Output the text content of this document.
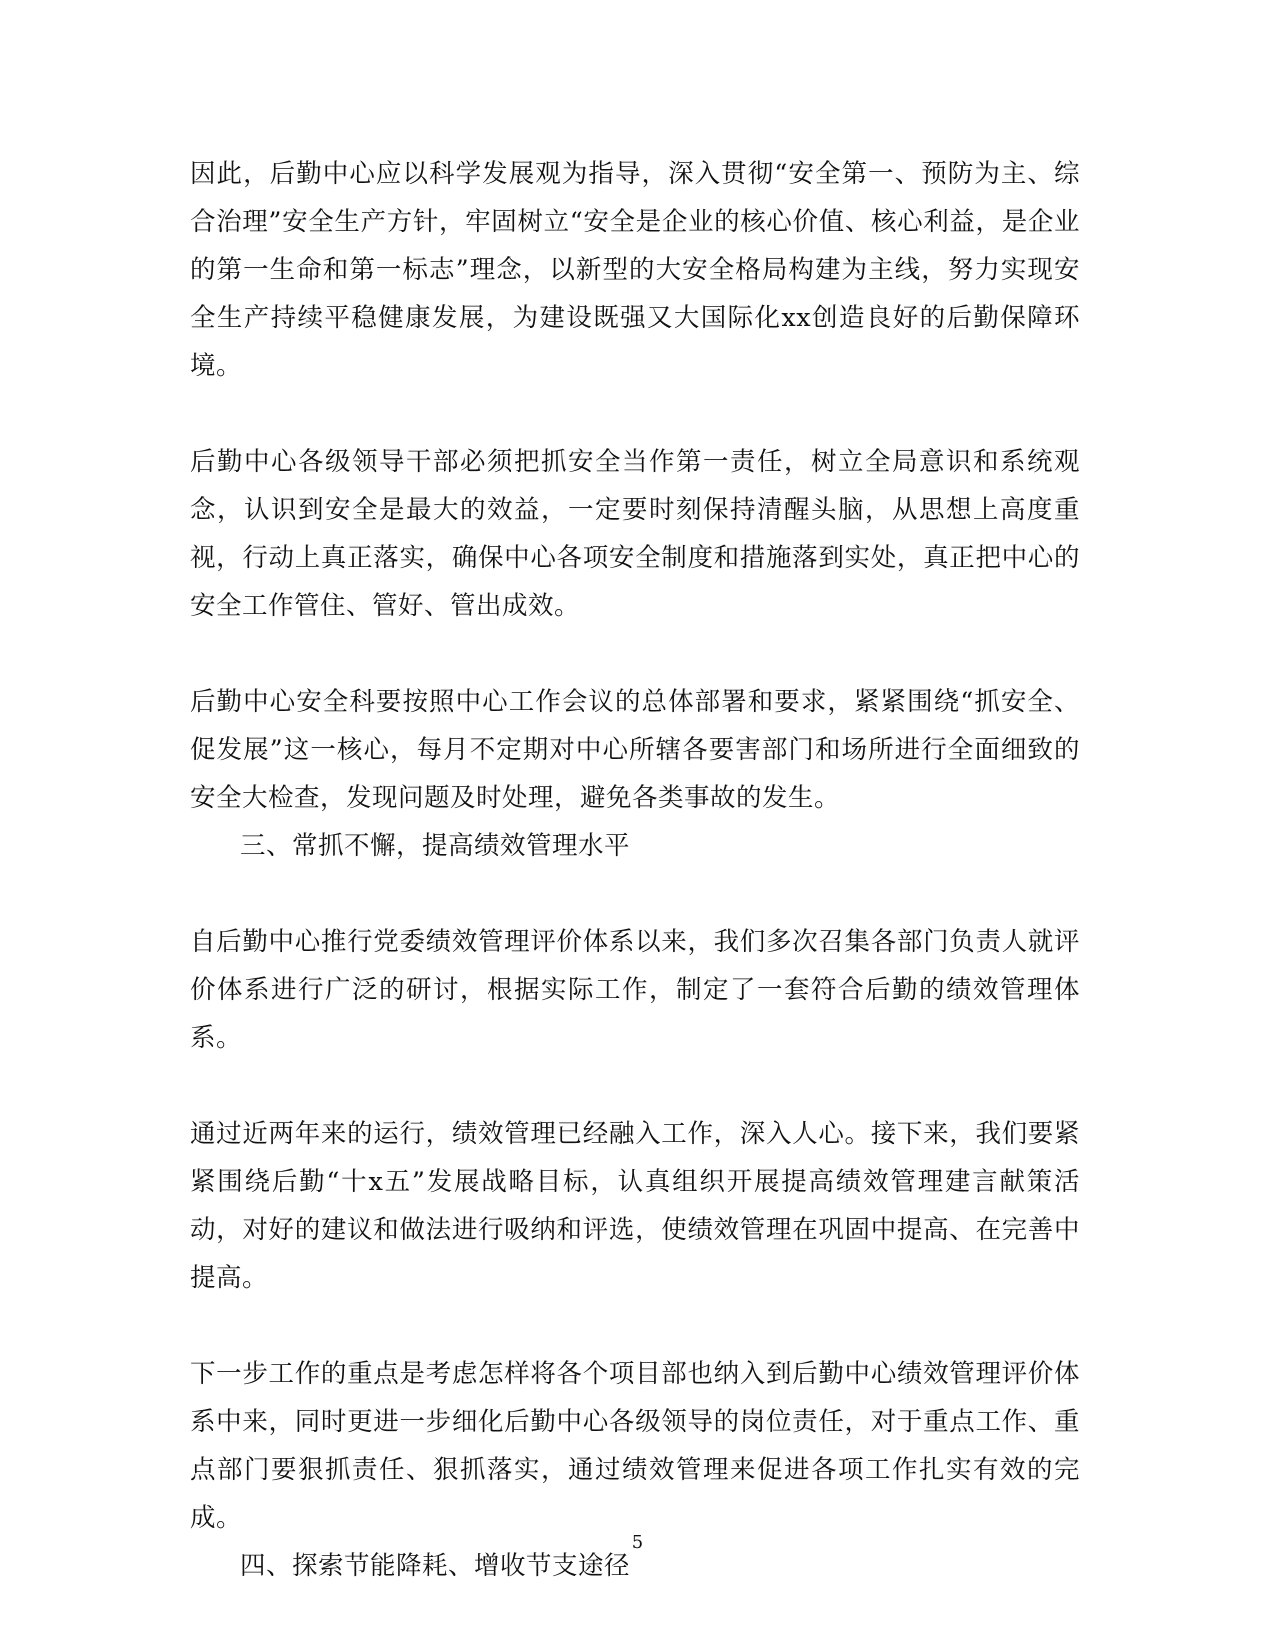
因此，后勤中心应以科学发展观为指导，深入贯彻“安全第一、预防为主、综合治理”安全生产方针，牢固树立“安全是企业的核心价值、核心利益，是企业的第一生命和第一标志”理念，以新型的大安全格局构建为主线，努力实现安全生产持续平稳健康发展，为建设既强又大国际化xx创造良好的后勤保障环境。

后勤中心各级领导干部必须把抓安全当作第一责任，树立全局意识和系统观念，认识到安全是最大的效益，一定要时刻保持清醒头脑，从思想上高度重视，行动上真正落实，确保中心各项安全制度和措施落到实处，真正把中心的安全工作管住、管好、管出成效。

后勤中心安全科要按照中心工作会议的总体部署和要求，紧紧围绕“抓安全、促发展”这一核心，每月不定期对中心所辖各要害部门和场所进行全面细致的安全大检查，发现问题及时处理，避免各类事故的发生。

三、常抓不懈，提高绩效管理水平

自后勤中心推行党委绩效管理评价体系以来，我们多次召集各部门负责人就评价体系进行广泛的研讨，根据实际工作，制定了一套符合后勤的绩效管理体系。

通过近两年来的运行，绩效管理已经融入工作，深入人心。接下来，我们要紧紧围绕后勤“十x五”发展战略目标，认真组织开展提高绩效管理建言献策活动，对好的建议和做法进行吸纳和评选，使绩效管理在巩固中提高、在完善中提高。

下一步工作的重点是考虑怎样将各个项目部也纳入到后勤中心绩效管理评价体系中来，同时更进一步细化后勤中心各级领导的岗位责任，对于重点工作、重点部门要狠抓责任、狠抓落实，通过绩效管理来促进各项工作扎实有效的完成。

四、探索节能降耗、增收节支途径

5
